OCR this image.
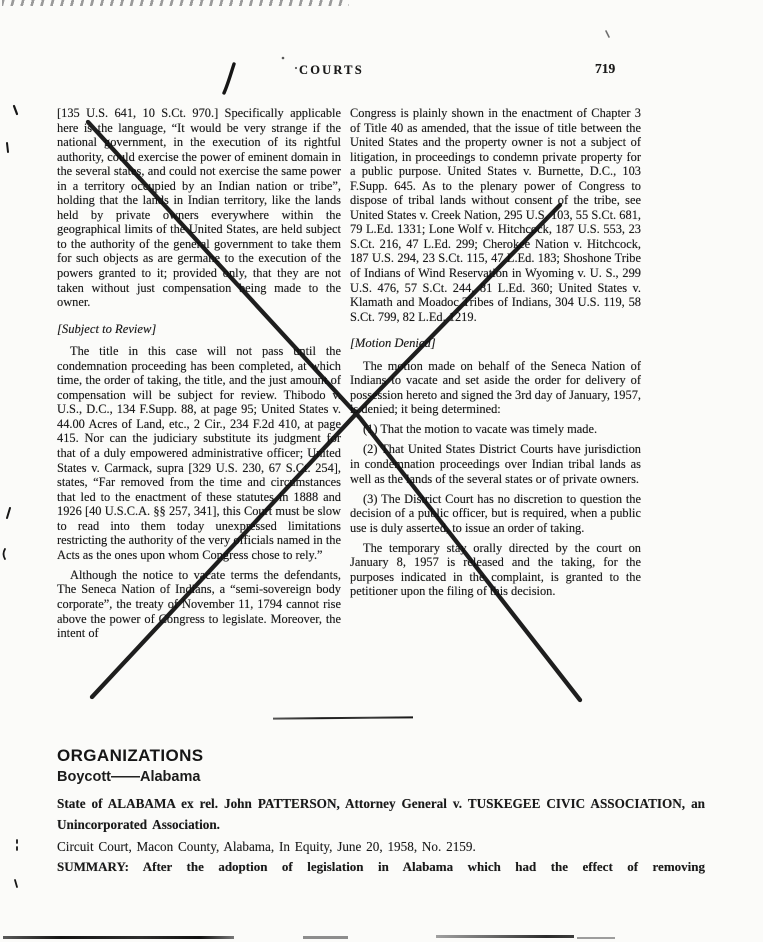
COURTS	719

[135 U.S. 641, 10 S.Ct. 970.] Specifically applicable here is the language, “It would be very strange if the national government, in the execution of its rightful authority, could exercise the power of eminent domain in the several states, and could not exercise the same power in a territory occupied by an Indian nation or tribe”, holding that the lands in Indian territory, like the lands held by private owners everywhere within the geographical limits of the United States, are held subject to the authority of the general government to take them for such objects as are germane to the execution of the powers granted to it; provided only, that they are not taken without just compensation being made to the owner.

[Subject to Review]

The title in this case will not pass until the condemnation proceeding has been completed, at which time, the order of taking, the title, and the just amount of compensation will be subject for review. Thibodo v. U.S., D.C., 134 F.Supp. 88, at page 95; United States v. 44.00 Acres of Land, etc., 2 Cir., 234 F.2d 410, at page 415. Nor can the judiciary substitute its judgment for that of a duly empowered administrative officer; United States v. Carmack, supra [329 U.S. 230, 67 S.Ct. 254], states, “Far removed from the time and circumstances that led to the enactment of these statutes in 1888 and 1926 [40 U.S.C.A. §§ 257, 341], this Court must be slow to read into them today unexpressed limitations restricting the authority of the very officials named in the Acts as the ones upon whom Congress chose to rely.”

Although the notice to vacate terms the defendants, The Seneca Nation of Indians, a “semi-sovereign body corporate”, the treaty of November 11, 1794 cannot rise above the power of Congress to legislate. Moreover, the intent of

Congress is plainly shown in the enactment of Chapter 3 of Title 40 as amended, that the issue of title between the United States and the property owner is not a subject of litigation, in proceedings to condemn private property for a public purpose. United States v. Burnette, D.C., 103 F.Supp. 645. As to the plenary power of Congress to dispose of tribal lands without consent of the tribe, see United States v. Creek Nation, 295 U.S. 103, 55 S.Ct. 681, 79 L.Ed. 1331; Lone Wolf v. Hitchcock, 187 U.S. 553, 23 S.Ct. 216, 47 L.Ed. 299; Cherokee Nation v. Hitchcock, 187 U.S. 294, 23 S.Ct. 115, 47 L.Ed. 183; Shoshone Tribe of Indians of Wind Reservation in Wyoming v. U. S., 299 U.S. 476, 57 S.Ct. 244, 81 L.Ed. 360; United States v. Klamath and Moadoc Tribes of Indians, 304 U.S. 119, 58 S.Ct. 799, 82 L.Ed. 1219.

[Motion Denied]

The motion made on behalf of the Seneca Nation of Indians to vacate and set aside the order for delivery of possession hereto and signed the 3rd day of January, 1957, is denied; it being determined:

(1) That the motion to vacate was timely made.

(2) That United States District Courts have jurisdiction in condemnation proceedings over Indian tribal lands as well as the lands of the several states or of private owners.

(3) The District Court has no discretion to question the decision of a public officer, but is required, when a public use is duly asserted, to issue an order of taking.

The temporary stay orally directed by the court on January 8, 1957 is released and the taking, for the purposes indicated in the complaint, is granted to the petitioner upon the filing of this decision.

ORGANIZATIONS

Boycott——Alabama

State of ALABAMA ex rel. John PATTERSON, Attorney General v. TUSKEGEE CIVIC ASSOCIATION, an Unincorporated Association.

Circuit Court, Macon County, Alabama, In Equity, June 20, 1958, No. 2159.

SUMMARY: After the adoption of legislation in Alabama which had the effect of removing
